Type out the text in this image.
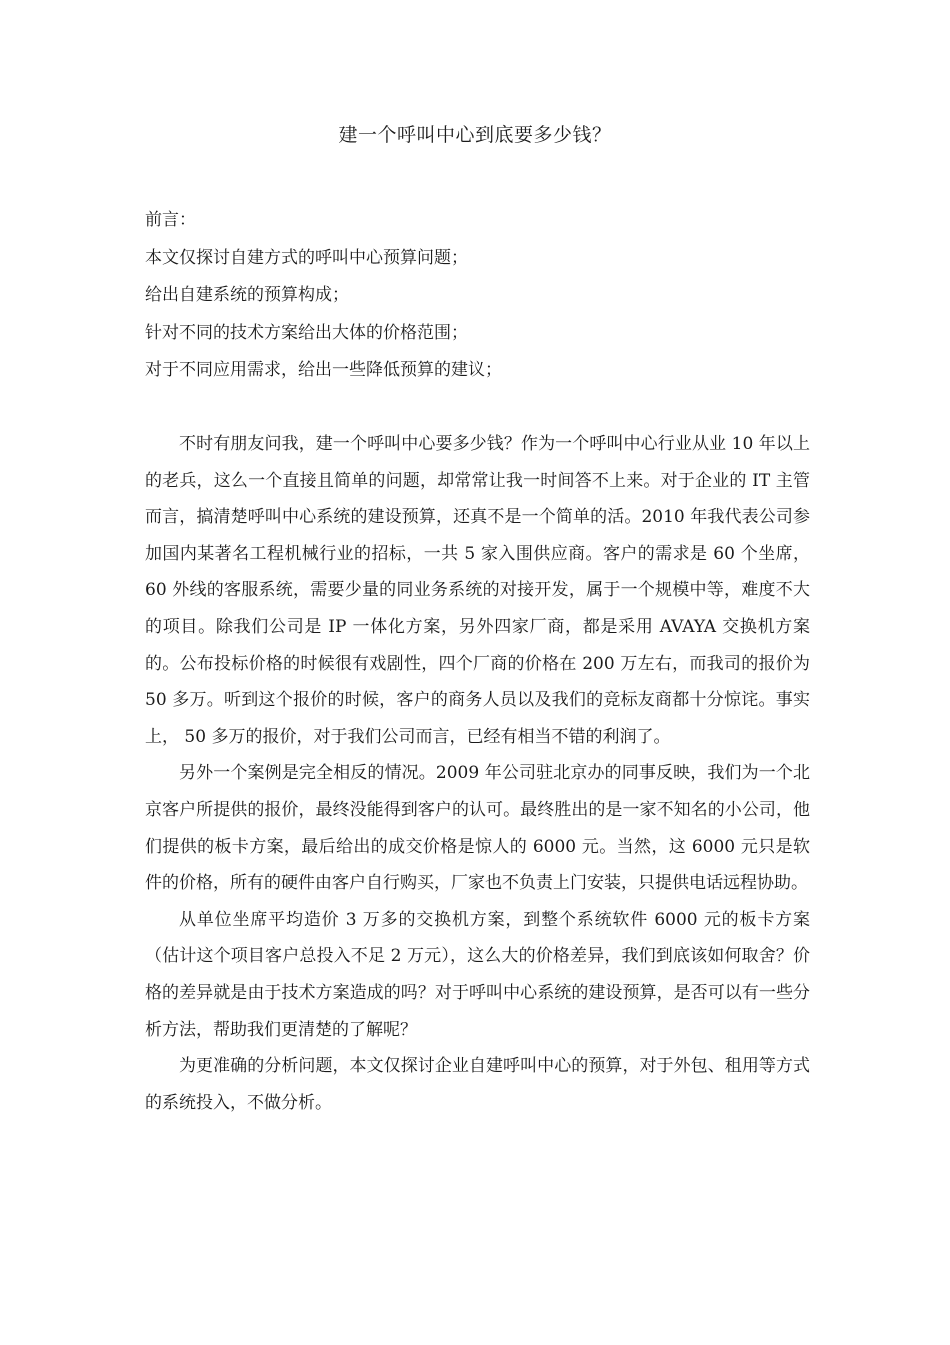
建一个呼叫中心到底要多少钱？
前言：
本文仅探讨自建方式的呼叫中心预算问题；
给出自建系统的预算构成；
针对不同的技术方案给出大体的价格范围；
对于不同应用需求，给出一些降低预算的建议；

不时有朋友问我，建一个呼叫中心要多少钱？作为一个呼叫中心行业从业 10 年以上的老兵，这么一个直接且简单的问题，却常常让我一时间答不上来。对于企业的 IT 主管而言，搞清楚呼叫中心系统的建设预算，还真不是一个简单的活。2010 年我代表公司参加国内某著名工程机械行业的招标，一共 5 家入围供应商。客户的需求是 60 个坐席，60 外线的客服系统，需要少量的同业务系统的对接开发，属于一个规模中等，难度不大的项目。除我们公司是 IP 一体化方案，另外四家厂商，都是采用 AVAYA 交换机方案的。公布投标价格的时候很有戏剧性，四个厂商的价格在 200 万左右，而我司的报价为 50 多万。听到这个报价的时候，客户的商务人员以及我们的竞标友商都十分惊诧。事实上， 50 多万的报价，对于我们公司而言，已经有相当不错的利润了。

另外一个案例是完全相反的情况。2009 年公司驻北京办的同事反映，我们为一个北京客户所提供的报价，最终没能得到客户的认可。最终胜出的是一家不知名的小公司，他们提供的板卡方案，最后给出的成交价格是惊人的 6000 元。当然，这 6000 元只是软件的价格，所有的硬件由客户自行购买，厂家也不负责上门安装，只提供电话远程协助。

从单位坐席平均造价 3 万多的交换机方案，到整个系统软件 6000 元的板卡方案（估计这个项目客户总投入不足 2 万元），这么大的价格差异，我们到底该如何取舍？价格的差异就是由于技术方案造成的吗？对于呼叫中心系统的建设预算，是否可以有一些分析方法，帮助我们更清楚的了解呢？

为更准确的分析问题，本文仅探讨企业自建呼叫中心的预算，对于外包、租用等方式的系统投入，不做分析。
